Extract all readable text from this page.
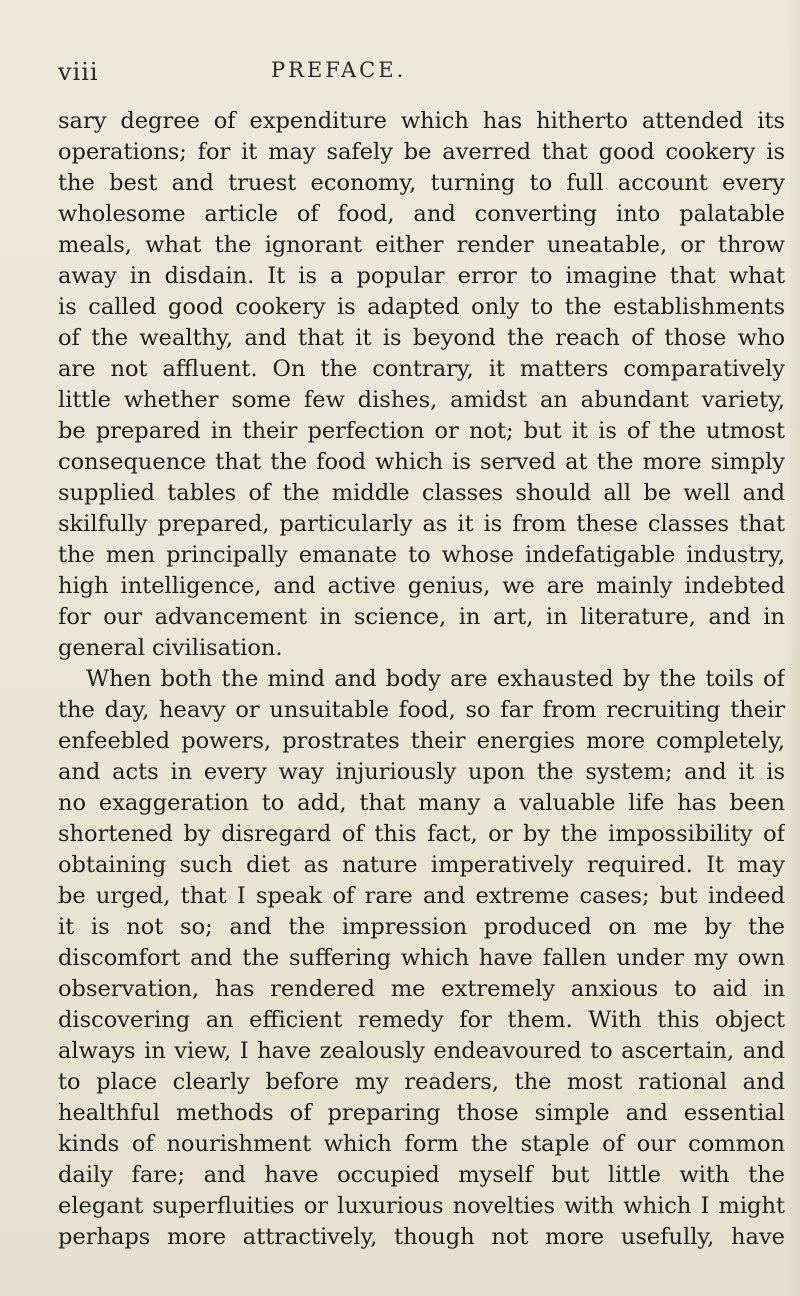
viii	PREFACE.
sary degree of expenditure which has hitherto attended its
operations; for it may safely be averred that good cookery is
the best and truest economy, turning to full account every
wholesome article of food, and converting into palatable
meals, what the ignorant either render uneatable, or throw
away in disdain. It is a popular error to imagine that what
is called good cookery is adapted only to the establishments
of the wealthy, and that it is beyond the reach of those who
are not affluent. On the contrary, it matters comparatively
little whether some few dishes, amidst an abundant variety,
be prepared in their perfection or not; but it is of the utmost
consequence that the food which is served at the more simply
supplied tables of the middle classes should all be well and
skilfully prepared, particularly as it is from these classes that
the men principally emanate to whose indefatigable industry,
high intelligence, and active genius, we are mainly indebted
for our advancement in science, in art, in literature, and in
general civilisation.
When both the mind and body are exhausted by the toils of
the day, heavy or unsuitable food, so far from recruiting their
enfeebled powers, prostrates their energies more completely,
and acts in every way injuriously upon the system; and it is
no exaggeration to add, that many a valuable life has been
shortened by disregard of this fact, or by the impossibility of
obtaining such diet as nature imperatively required. It may
be urged, that I speak of rare and extreme cases; but indeed
it is not so; and the impression produced on me by the
discomfort and the suffering which have fallen under my own
observation, has rendered me extremely anxious to aid in
discovering an efficient remedy for them. With this object
always in view, I have zealously endeavoured to ascertain, and
to place clearly before my readers, the most rational and
healthful methods of preparing those simple and essential
kinds of nourishment which form the staple of our common
daily fare; and have occupied myself but little with the
elegant superfluities or luxurious novelties with which I might
perhaps more attractively, though not more usefully, have
